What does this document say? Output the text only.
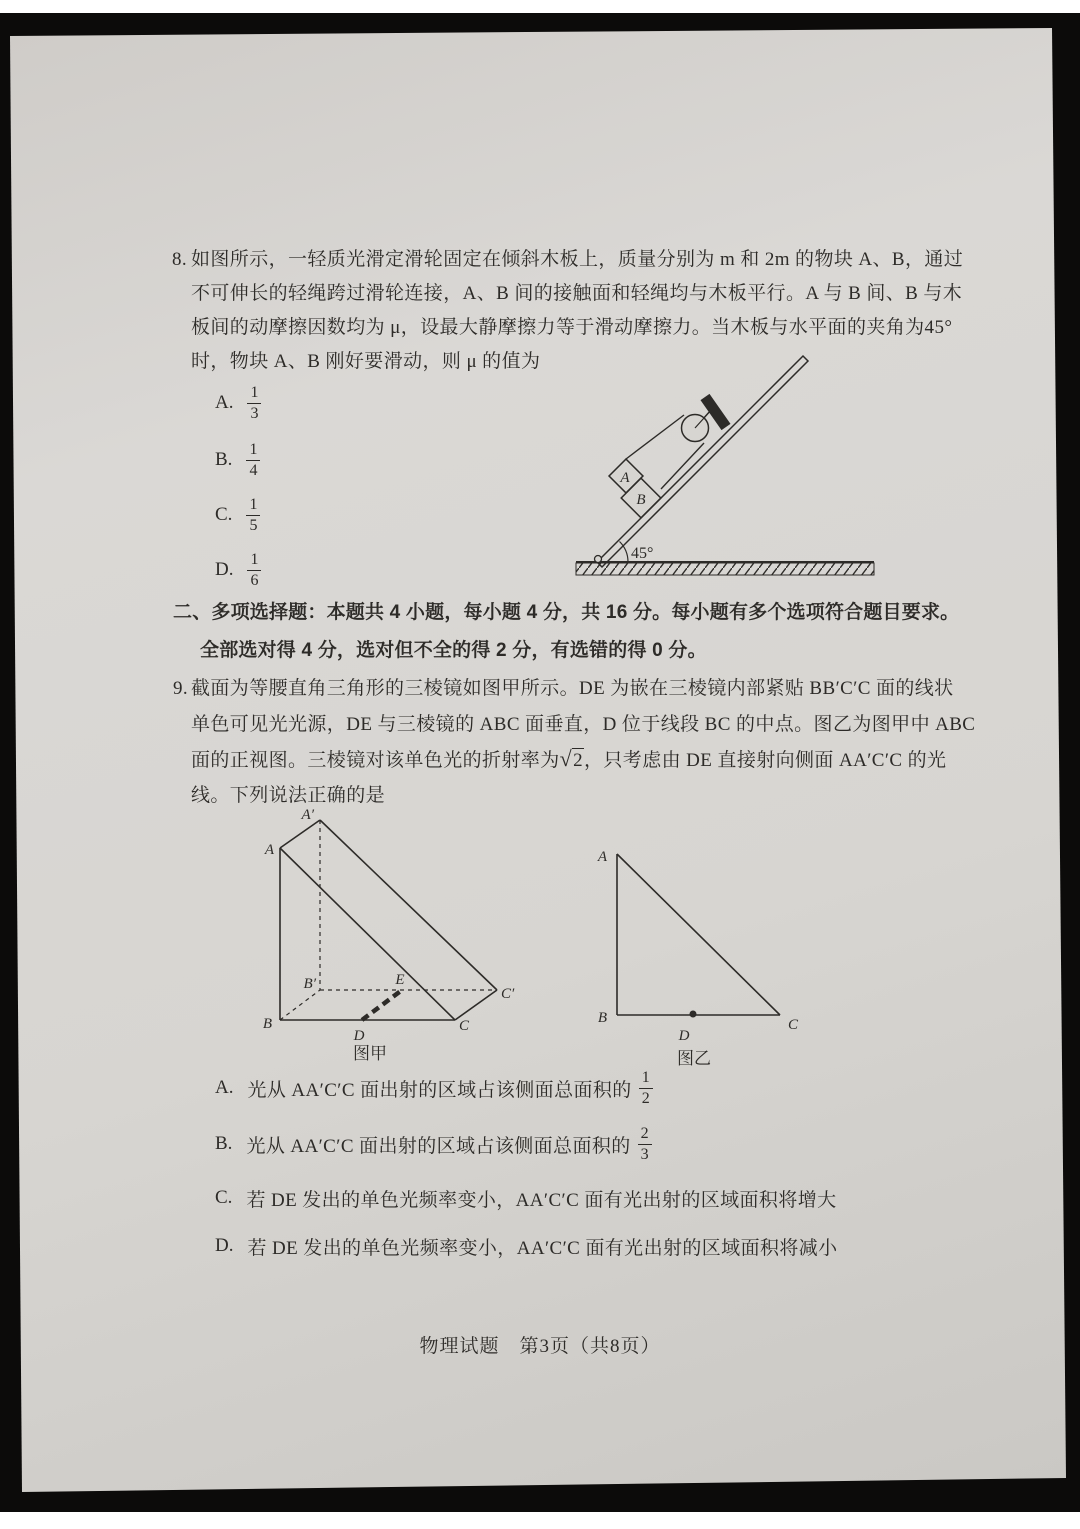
8. 如图所示，一轻质光滑定滑轮固定在倾斜木板上，质量分别为 m 和 2m 的物块 A、B，通过
不可伸长的轻绳跨过滑轮连接，A、B 间的接触面和轻绳均与木板平行。A 与 B 间、B 与木
板间的动摩擦因数均为 μ，设最大静摩擦力等于滑动摩擦力。当木板与水平面的夹角为45°
时，物块 A、B 刚好要滑动，则 μ 的值为
A. $\frac{1}{3}$
B. $\frac{1}{4}$
C. $\frac{1}{5}$
D. $\frac{1}{6}$	45°
A
B
二、多项选择题：本题共 4 小题，每小题 4 分，共 16 分。每小题有多个选项符合题目要求。
全部选对得 4 分，选对但不全的得 2 分，有选错的得 0 分。
9. 截面为等腰直角三角形的三棱镜如图甲所示。DE 为嵌在三棱镜内部紧贴 BB′C′C 面的线状
单色可见光光源，DE 与三棱镜的 ABC 面垂直，D 位于线段 BC 的中点。图乙为图甲中 ABC
面的正视图。三棱镜对该单色光的折射率为 √ 2 ，只考虑由 DE 直接射向侧面 AA′C′C 的光
线。下列说法正确的是
A′
A
B
B′
C
C′
D
E
图甲
A
B	C
D
图乙
A. 光从 AA′C′C 面出射的区域占该侧面总面积的 $\frac{1}{2}$
B. 光从 AA′C′C 面出射的区域占该侧面总面积的 $\frac{2}{3}$
C. 若 DE 发出的单色光频率变小，AA′C′C 面有光出射的区域面积将增大
D. 若 DE 发出的单色光频率变小，AA′C′C 面有光出射的区域面积将减小
物理试题　第3页（共8页）
